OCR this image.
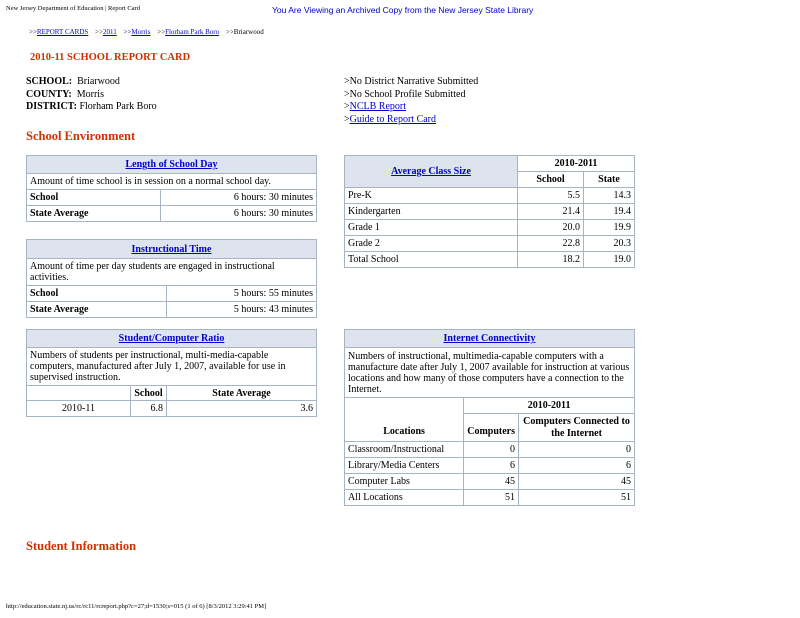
New Jersey Department of Education | Report Card	You Are Viewing an Archived Copy from the New Jersey State Library
>>REPORT CARDS >>2011 >>Morris >>Florham Park Boro >>Briarwood
2010-11 SCHOOL REPORT CARD
SCHOOL: Briarwood
COUNTY: Morris
DISTRICT: Florham Park Boro
>No District Narrative Submitted
>No School Profile Submitted
>NCLB Report
>Guide to Report Card
School Environment
Length of School Day	
Amount of time school is in session on a normal school day.	
School	6 hours: 30 minutes
State Average	6 hours: 30 minutes
Instructional Time	
Amount of time per day students are engaged in instructional activities.	
School	5 hours: 55 minutes
State Average	5 hours: 43 minutes
Student/Computer Ratio		
Numbers of students per instructional, multi-media-capable computers, manufactured after July 1, 2007, available for use in supervised instruction.		
	School	State Average
2010-11	6.8	3.6
Average Class Size	2010-2011	
	School	State
Pre-K	5.5	14.3
Kindergarten	21.4	19.4
Grade 1	20.0	19.9
Grade 2	22.8	20.3
Total School	18.2	19.0
Internet Connectivity		
Numbers of instructional, multimedia-capable computers with a manufacture date after July 1, 2007 available for instruction at various locations and how many of those computers have a connection to the Internet.		
Locations	2010-2011	
	Computers	Computers Connected to the Internet
Classroom/Instructional	0	0
Library/Media Centers	6	6
Computer Labs	45	45
All Locations	51	51
Student Information
http://education.state.nj.us/rc/rc11/rcreport.php?c=27;d=1530;s=015 (1 of 6) [8/3/2012 3:29:41 PM]
